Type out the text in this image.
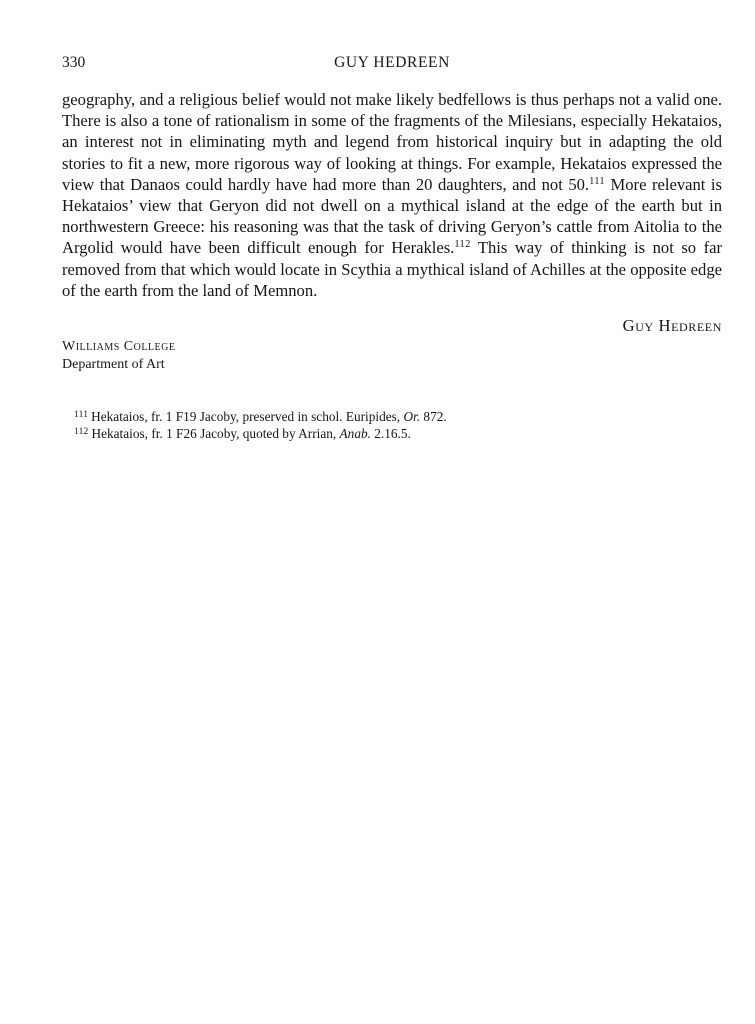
330	GUY HEDREEN

geography, and a religious belief would not make likely bedfellows is thus perhaps not a valid one. There is also a tone of rationalism in some of the fragments of the Milesians, especially Hekataios, an interest not in eliminating myth and legend from historical inquiry but in adapting the old stories to fit a new, more rigorous way of looking at things. For example, Hekataios expressed the view that Danaos could hardly have had more than 20 daughters, and not 50.$^{111}$ More relevant is Hekataios’ view that Geryon did not dwell on a mythical island at the edge of the earth but in northwestern Greece: his reasoning was that the task of driving Geryon’s cattle from Aitolia to the Argolid would have been difficult enough for Herakles.$^{112}$ This way of thinking is not so far removed from that which would locate in Scythia a mythical island of Achilles at the opposite edge of the earth from the land of Memnon.

Guy Hedreen
Williams College
Department of Art
$^{111}$ Hekataios, fr. 1 F19 Jacoby, preserved in schol. Euripides, Or. 872.
$^{112}$ Hekataios, fr. 1 F26 Jacoby, quoted by Arrian, Anab. 2.16.5.
